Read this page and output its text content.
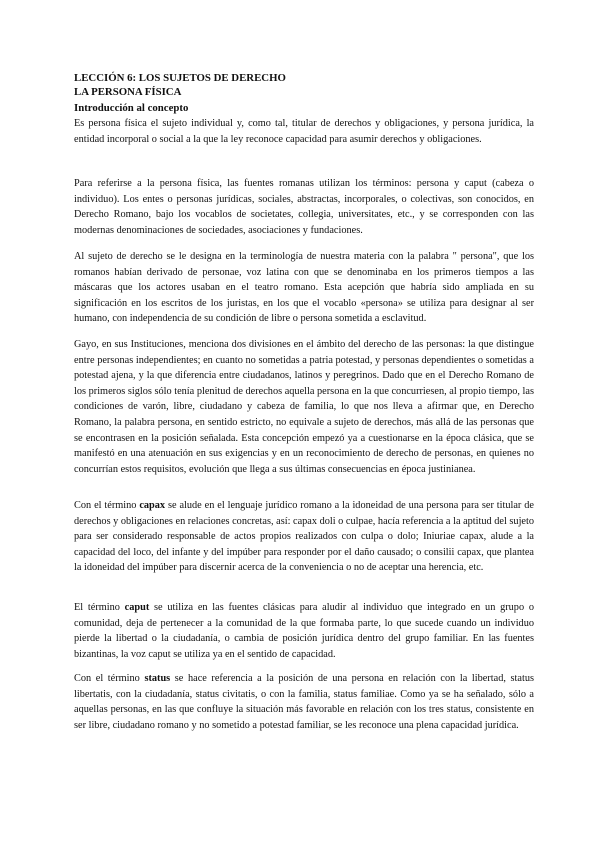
LECCIÓN 6: LOS SUJETOS DE DERECHO
LA PERSONA FÍSICA
Introducción al concepto

Es persona física el sujeto individual y, como tal, titular de derechos y obligaciones, y persona jurídica, la entidad incorporal o social a la que la ley reconoce capacidad para asumir derechos y obligaciones.

Para referirse a la persona física, las fuentes romanas utilizan los términos: persona y caput (cabeza o individuo). Los entes o personas jurídicas, sociales, abstractas, incorporales, o colectivas, son conocidos, en Derecho Romano, bajo los vocablos de societates, collegia, universitates, etc., y se corresponden con las modernas denominaciones de sociedades, asociaciones y fundaciones.

Al sujeto de derecho se le designa en la terminología de nuestra materia con la palabra " persona", que los romanos habían derivado de personae, voz latina con que se denominaba en los primeros tiempos a las máscaras que los actores usaban en el teatro romano. Esta acepción que habría sido ampliada en su significación en los escritos de los juristas, en los que el vocablo «persona» se utiliza para designar al ser humano, con independencia de su condición de libre o persona sometida a esclavitud.

Gayo, en sus Instituciones, menciona dos divisiones en el ámbito del derecho de las personas: la que distingue entre personas independientes; en cuanto no sometidas a patria potestad, y personas dependientes o sometidas a potestad ajena, y la que diferencia entre ciudadanos, latinos y peregrinos. Dado que en el Derecho Romano de los primeros siglos sólo tenía plenitud de derechos aquella persona en la que concurriesen, al propio tiempo, las condiciones de varón, libre, ciudadano y cabeza de familia, lo que nos lleva a afirmar que, en Derecho Romano, la palabra persona, en sentido estricto, no equivale a sujeto de derechos, más allá de las personas que se encontrasen en la posición señalada. Esta concepción empezó ya a cuestionarse en la época clásica, que se manifestó en una atenuación en sus exigencias y en un reconocimiento de derecho de personas, en quienes no concurrían estos requisitos, evolución que llega a sus últimas consecuencias en época justinianea.

Con el término capax se alude en el lenguaje jurídico romano a la idoneidad de una persona para ser titular de derechos y obligaciones en relaciones concretas, así: capax doli o culpae, hacía referencia a la aptitud del sujeto para ser considerado responsable de actos propios realizados con culpa o dolo; Iniuriae capax, alude a la capacidad del loco, del infante y del impúber para responder por el daño causado; o consilii capax, que plantea la idoneidad del impúber para discernir acerca de la conveniencia o no de aceptar una herencia, etc.

El término caput se utiliza en las fuentes clásicas para aludir al individuo que integrado en un grupo o comunidad, deja de pertenecer a la comunidad de la que formaba parte, lo que sucede cuando un individuo pierde la libertad o la ciudadanía, o cambia de posición jurídica dentro del grupo familiar. En las fuentes bizantinas, la voz caput se utiliza ya en el sentido de capacidad.

Con el término status se hace referencia a la posición de una persona en relación con la libertad, status libertatis, con la ciudadanía, status civitatis, o con la familia, status familiae. Como ya se ha señalado, sólo a aquellas personas, en las que confluye la situación más favorable en relación con los tres status, consistente en ser libre, ciudadano romano y no sometido a potestad familiar, se les reconoce una plena capacidad jurídica.
